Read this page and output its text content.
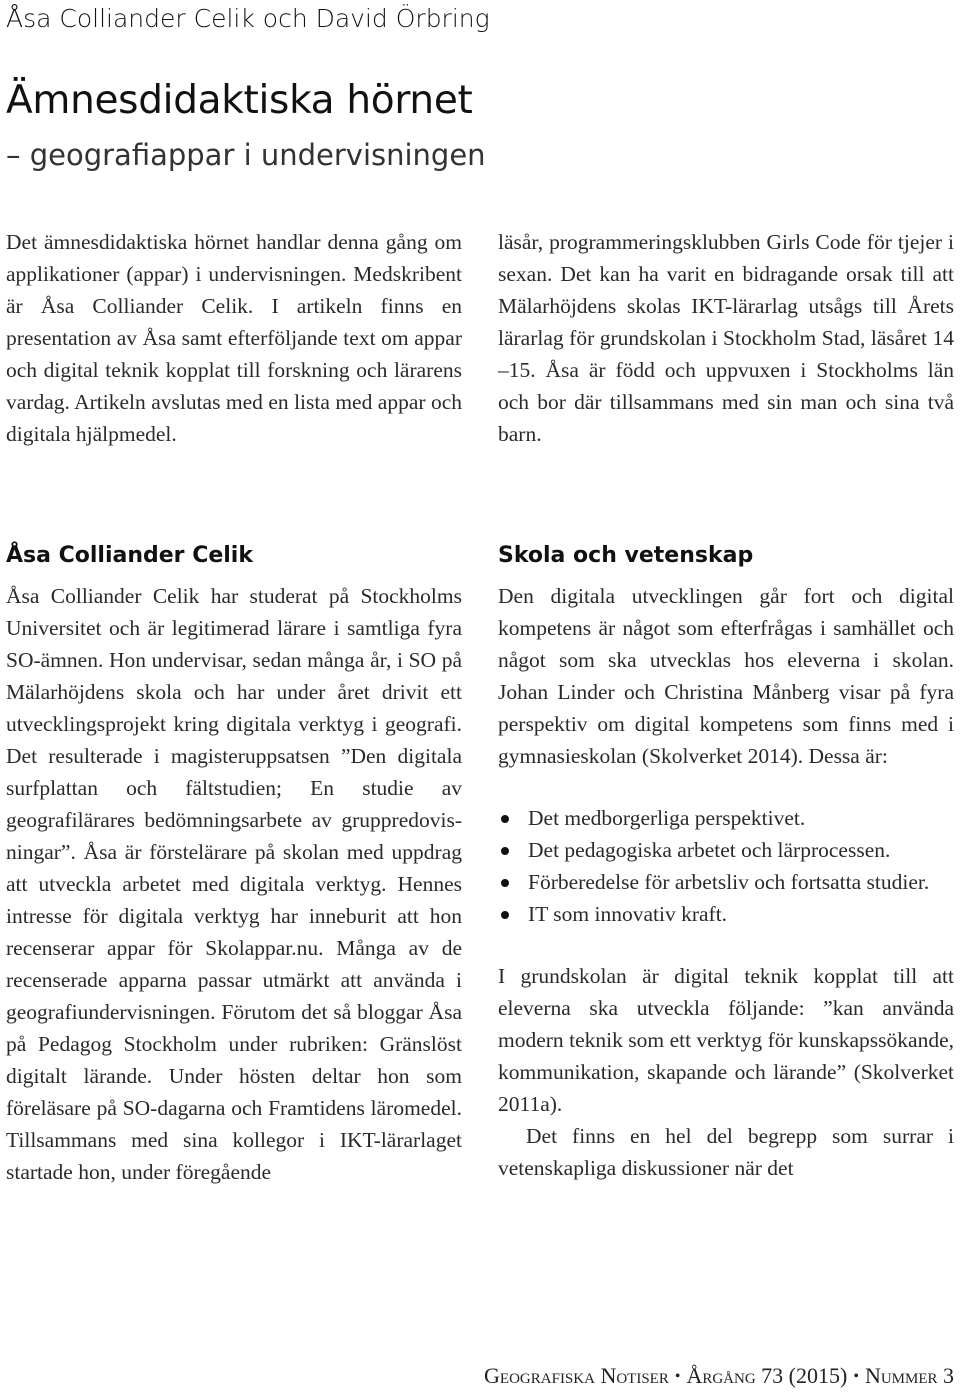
Åsa Colliander Celik och David Örbring
Ämnesdidaktiska hörnet
– geografiappar i undervisningen

Det ämnesdidaktiska hörnet handlar denna gång om applikationer (appar) i undervisningen. Medskribent är Åsa Colliander Celik. I artikeln finns en presentation av Åsa samt efterföljande text om appar och digital teknik kopplat till forskning och lärarens vardag. Artikeln avslutas med en lista med appar och digitala hjälpmedel.

läsår, programmeringsklubben Girls Code för tjejer i sexan. Det kan ha varit en bidragande orsak till att Mälarhöjdens skolas IKT-lärarlag utsågs till Årets lärarlag för grundskolan i Stockholm Stad, läsåret 14 –15. Åsa är född och uppvuxen i Stockholms län och bor där tillsammans med sin man och sina två barn.

Åsa Colliander Celik

Åsa Colliander Celik har studerat på Stockholms Universitet och är legitimerad lärare i samtliga fyra SO-ämnen. Hon undervisar, sedan många år, i SO på Mälarhöjdens skola och har under året drivit ett utvecklingsprojekt kring digitala verktyg i geografi. Det resulterade i magisteruppsatsen ”Den digitala surfplattan och fältstudien; En studie av geografilärares bedömningsarbete av gruppredovisningar”. Åsa är förstelärare på skolan med uppdrag att utveckla arbetet med digitala verktyg. Hennes intresse för digitala verktyg har inneburit att hon recenserar appar för Skolappar.nu. Många av de recenserade apparna passar utmärkt att använda i geografiundervisningen. Förutom det så bloggar Åsa på Pedagog Stockholm under rubriken: Gränslöst digitalt lärande. Under hösten deltar hon som föreläsare på SO-dagarna och Framtidens läromedel. Tillsammans med sina kollegor i IKT-lärarlaget startade hon, under föregående

Skola och vetenskap

Den digitala utvecklingen går fort och digital kompetens är något som efterfrågas i samhället och något som ska utvecklas hos eleverna i skolan. Johan Linder och Christina Månberg visar på fyra perspektiv om digital kompetens som finns med i gymnasieskolan (Skolverket 2014). Dessa är:

Det medborgerliga perspektivet.
Det pedagogiska arbetet och lärprocessen.
Förberedelse för arbetsliv och fortsatta studier.
IT som innovativ kraft.

I grundskolan är digital teknik kopplat till att eleverna ska utveckla följande: ”kan använda modern teknik som ett verktyg för kunskapssökande, kommunikation, skapande och lärande” (Skolverket 2011a).

Det finns en hel del begrepp som surrar i vetenskapliga diskussioner när det

Geografiska Notiser • Årgång 73 (2015) • Nummer 3
